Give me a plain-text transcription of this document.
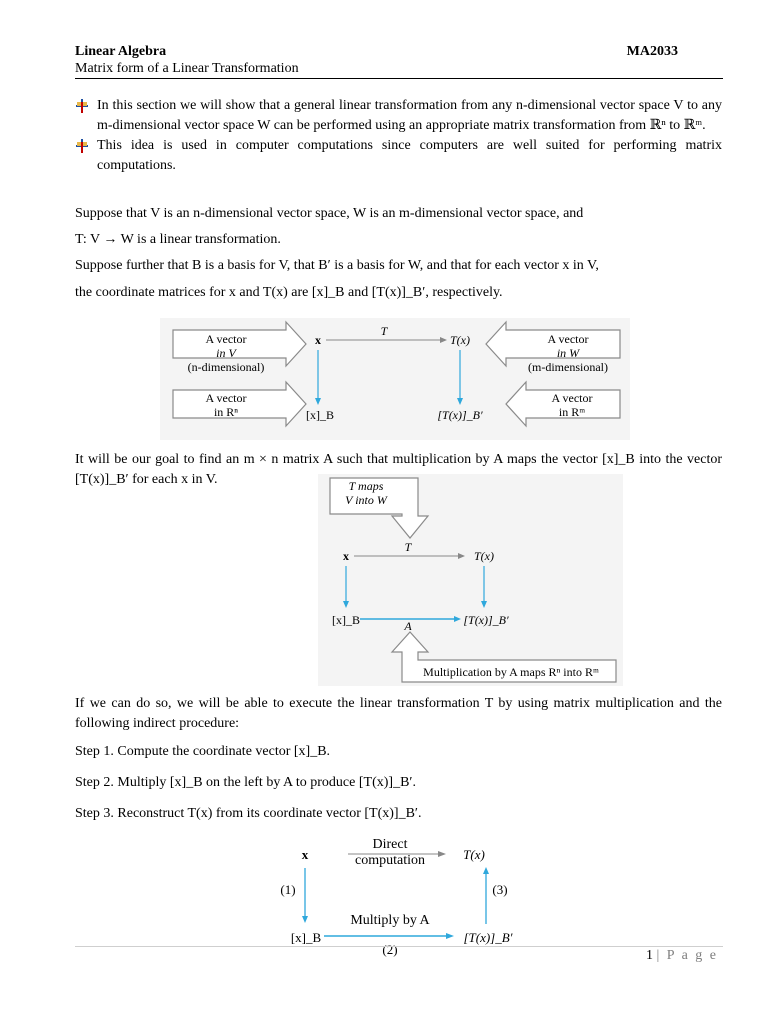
Linear Algebra	MA2033
Matrix form of a Linear Transformation
In this section we will show that a general linear transformation from any n-dimensional vector space V to any m-dimensional vector space W can be performed using an appropriate matrix transformation from ℝⁿ to ℝᵐ.
This idea is used in computer computations since computers are well suited for performing matrix computations.
Suppose that V is an n-dimensional vector space, W is an m-dimensional vector space, and
T: V → W is a linear transformation.
Suppose further that B is a basis for V, that B′ is a basis for W, and that for each vector x in V,
the coordinate matrices for x and T(x) are [x]_B and [T(x)]_B′, respectively.
A vector
in V
(n-dimensional)
A vector
in Rⁿ
A vector
in W
(m-dimensional)
A vector
in Rᵐ
x
T
T(x)
[x]_B	[T(x)]_B′
It will be our goal to find an m × n matrix A such that multiplication by A maps the vector [x]_B into the vector [T(x)]_B′ for each x in V.	T maps
V into W
x
T
T(x)
[x]_B	A	[T(x)]_B′
Multiplication by A maps Rⁿ into Rᵐ
If we can do so, we will be able to execute the linear transformation T by using matrix multiplication and the following indirect procedure:
Step 1. Compute the coordinate vector [x]_B.
Step 2. Multiply [x]_B on the left by A to produce [T(x)]_B′.
Step 3. Reconstruct T(x) from its coordinate vector [T(x)]_B′.
x
Direct
computation	T(x)
(1)	(3)
[x]_B
Multiply by A
(2)
[T(x)]_B′
1 | P a g e
